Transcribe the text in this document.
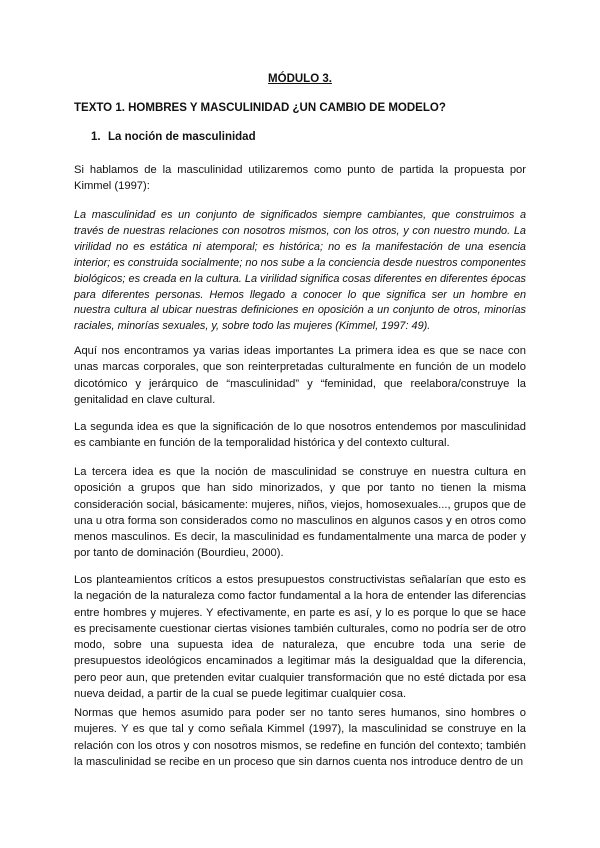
MÓDULO 3.
TEXTO 1. HOMBRES Y MASCULINIDAD ¿UN CAMBIO DE MODELO?
1. La noción de masculinidad

Si hablamos de la masculinidad utilizaremos como punto de partida la propuesta por Kimmel (1997):

La masculinidad es un conjunto de significados siempre cambiantes, que construimos a través de nuestras relaciones con nosotros mismos, con los otros, y con nuestro mundo. La virilidad no es estática ni atemporal; es histórica; no es la manifestación de una esencia interior; es construida socialmente; no nos sube a la conciencia desde nuestros componentes biológicos; es creada en la cultura. La virilidad significa cosas diferentes en diferentes épocas para diferentes personas. Hemos llegado a conocer lo que significa ser un hombre en nuestra cultura al ubicar nuestras definiciones en oposición a un conjunto de otros, minorías raciales, minorías sexuales, y, sobre todo las mujeres (Kimmel, 1997: 49).

Aquí nos encontramos ya varias ideas importantes La primera idea es que se nace con unas marcas corporales, que son reinterpretadas culturalmente en función de un modelo dicotómico y jerárquico de “masculinidad” y “feminidad, que reelabora/construye la genitalidad en clave cultural.

La segunda idea es que la significación de lo que nosotros entendemos por masculinidad es cambiante en función de la temporalidad histórica y del contexto cultural.

La tercera idea es que la noción de masculinidad se construye en nuestra cultura en oposición a grupos que han sido minorizados, y que por tanto no tienen la misma consideración social, básicamente: mujeres, niños, viejos, homosexuales..., grupos que de una u otra forma son considerados como no masculinos en algunos casos y en otros como menos masculinos. Es decir, la masculinidad es fundamentalmente una marca de poder y por tanto de dominación (Bourdieu, 2000).

Los planteamientos críticos a estos presupuestos constructivistas señalarían que esto es la negación de la naturaleza como factor fundamental a la hora de entender las diferencias entre hombres y mujeres. Y efectivamente, en parte es así, y lo es porque lo que se hace es precisamente cuestionar ciertas visiones también culturales, como no podría ser de otro modo, sobre una supuesta idea de naturaleza, que encubre toda una serie de presupuestos ideológicos encaminados a legitimar más la desigualdad que la diferencia, pero peor aun, que pretenden evitar cualquier transformación que no esté dictada por esa nueva deidad, a partir de la cual se puede legitimar cualquier cosa.

Normas que hemos asumido para poder ser no tanto seres humanos, sino hombres o mujeres. Y es que tal y como señala Kimmel (1997), la masculinidad se construye en la relación con los otros y con nosotros mismos, se redefine en función del contexto; también la masculinidad se recibe en un proceso que sin darnos cuenta nos introduce dentro de un
